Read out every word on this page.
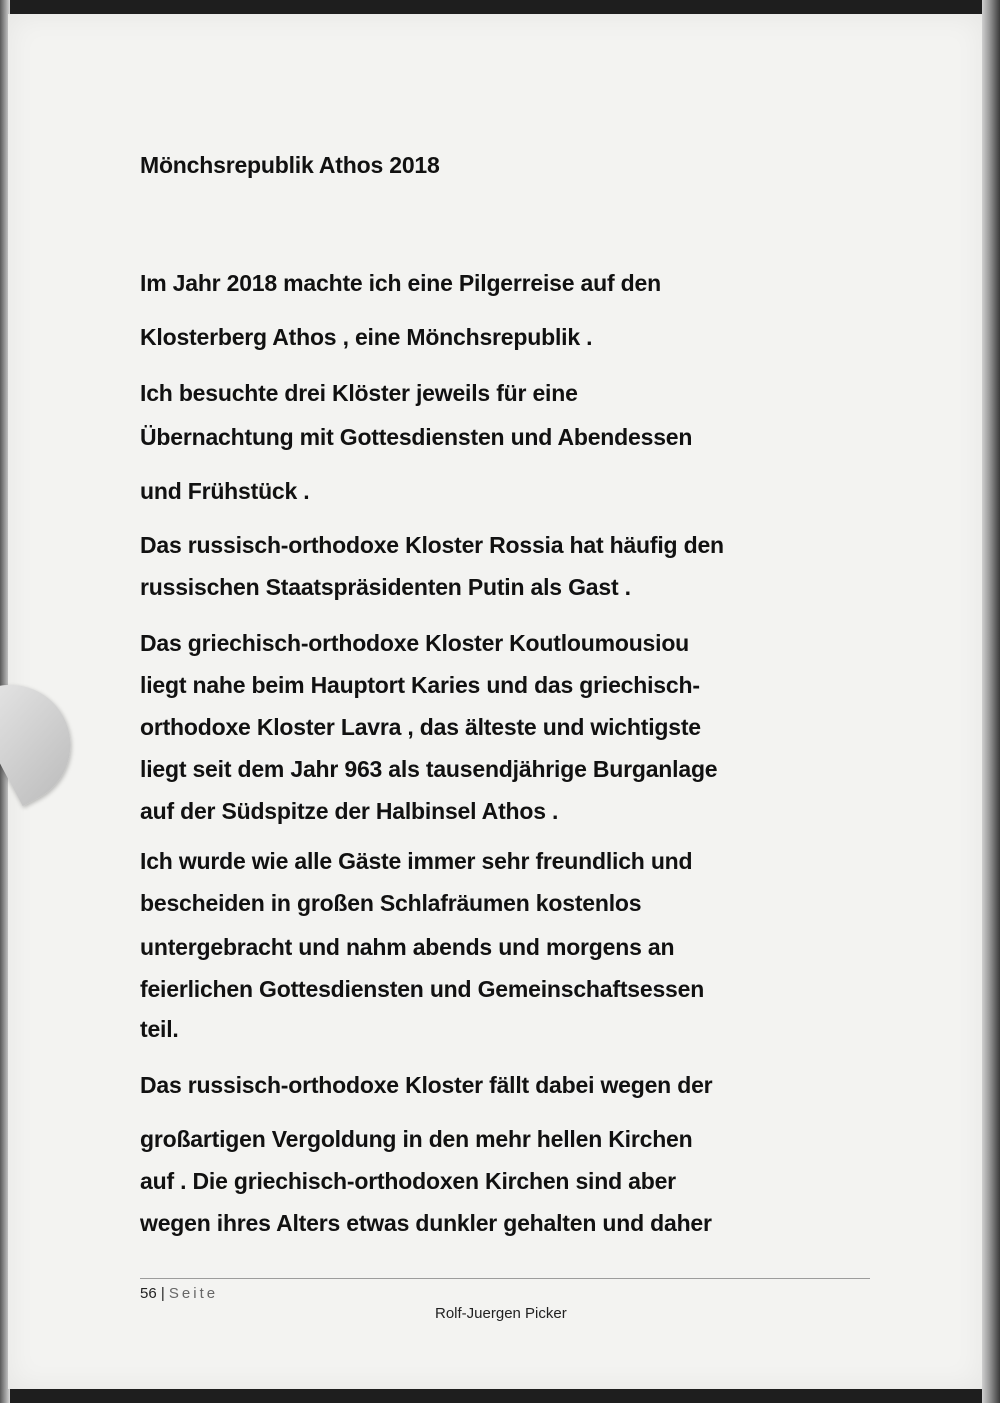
Mönchsrepublik Athos 2018

Im Jahr 2018 machte ich eine Pilgerreise auf den

Klosterberg Athos , eine Mönchsrepublik .

Ich besuchte drei Klöster jeweils für eine

Übernachtung mit Gottesdiensten und Abendessen

und Frühstück .

Das russisch-orthodoxe Kloster Rossia hat häufig den

russischen Staatspräsidenten Putin als Gast .

Das griechisch-orthodoxe Kloster Koutloumousiou

liegt nahe beim Hauptort Karies und das griechisch-

orthodoxe Kloster Lavra , das älteste und wichtigste

liegt seit dem Jahr 963 als tausendjährige Burganlage

auf der Südspitze der Halbinsel Athos .

Ich wurde wie alle Gäste immer sehr freundlich und

bescheiden in großen Schlafräumen kostenlos

untergebracht und nahm abends und morgens an

feierlichen Gottesdiensten und Gemeinschaftsessen

teil.

Das russisch-orthodoxe Kloster fällt dabei wegen der

großartigen Vergoldung in den mehr hellen Kirchen

auf . Die griechisch-orthodoxen Kirchen sind aber

wegen ihres Alters etwas dunkler gehalten und daher

56 | Seite
Rolf-Juergen Picker
